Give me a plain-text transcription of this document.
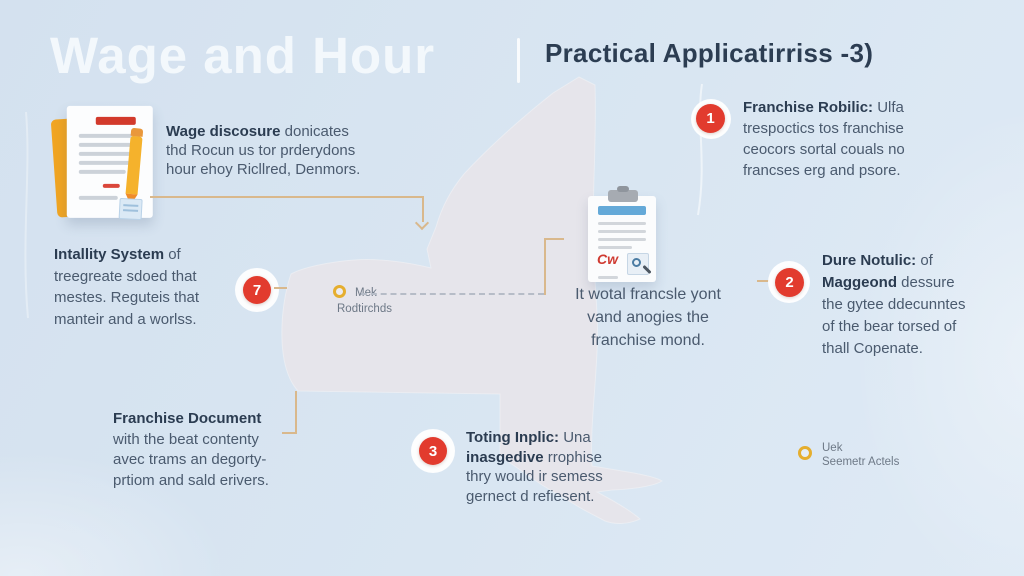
Wage and Hour	Practical Applicatirriss -3)
Wage discosure donicates
thd Rocun us tor prderydons
hour ehoy Ricllred, Denmors.
Intallity System of
treegreate sdoed that
mestes. Reguteis that
manteir and a worlss.
7	Mek
Rodtirchds
Cw
It wotal francsle yont
vand anogies the
franchise mond.
1
Franchise Robilic: Ulfa
trespoctics tos franchise
ceocors sortal couals no
francses erg and psore.
2
Dure Notulic: of
Maggeond dessure
the gytee ddecunntes
of the bear torsed of
thall Copenate.
Franchise Document
with the beat contenty
avec trams an degorty-
prtiom and sald erivers.
3
Toting Inplic: Una
inasgedive rrophise
thry would ir semess
gernect d refiesent.
Uek
Seemetr Actels
